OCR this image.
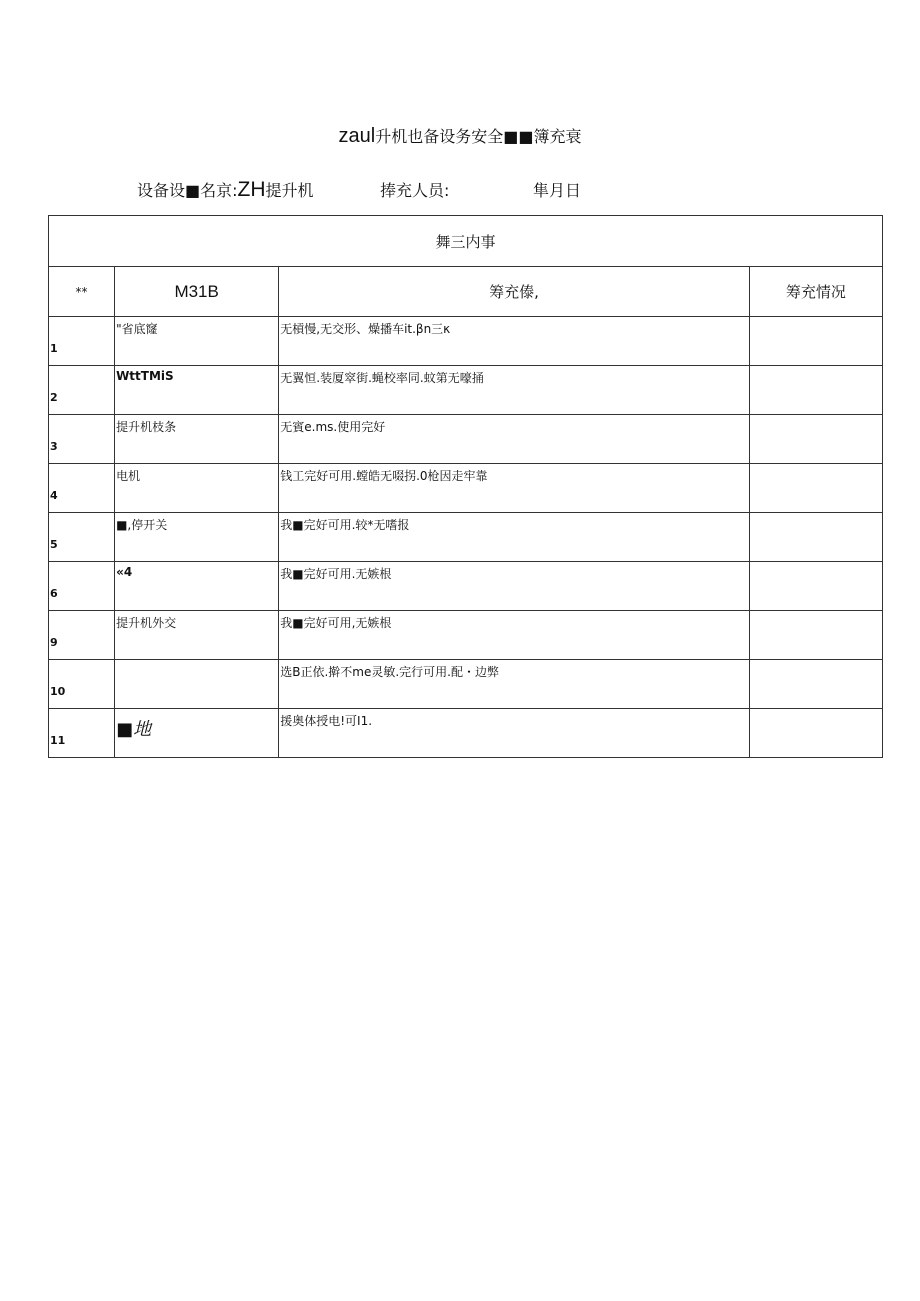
zaul升机也备设务安全■■簿充衰
设备设■名京:ZH提升机	捧充人员:	隼月日
舞三内事			
**	M31B	筹充傣,	筹充情况

1	"省底窿	无槓慢,无交形、燥播车it.βn三κ	

2	WttTMiS	无翼恒.装厦窣街.蝇校率同.蚊第无嚎捅	

3	提升机枝条	无賓e.ms.使用完好	

4	电机	钱工完好可用.螳皓无啜拐.0枪因走牢靠	

5	■,停开关	我■完好可用.较*无嗜报	

6	«4	我■完好可用.无嫉根	

9	提升机外交	我■完好可用,无嫉根	

10		选B正依.擀不me灵敏.完行可用.配・边弊	

11	■地	援奥体授电!可I1.	
